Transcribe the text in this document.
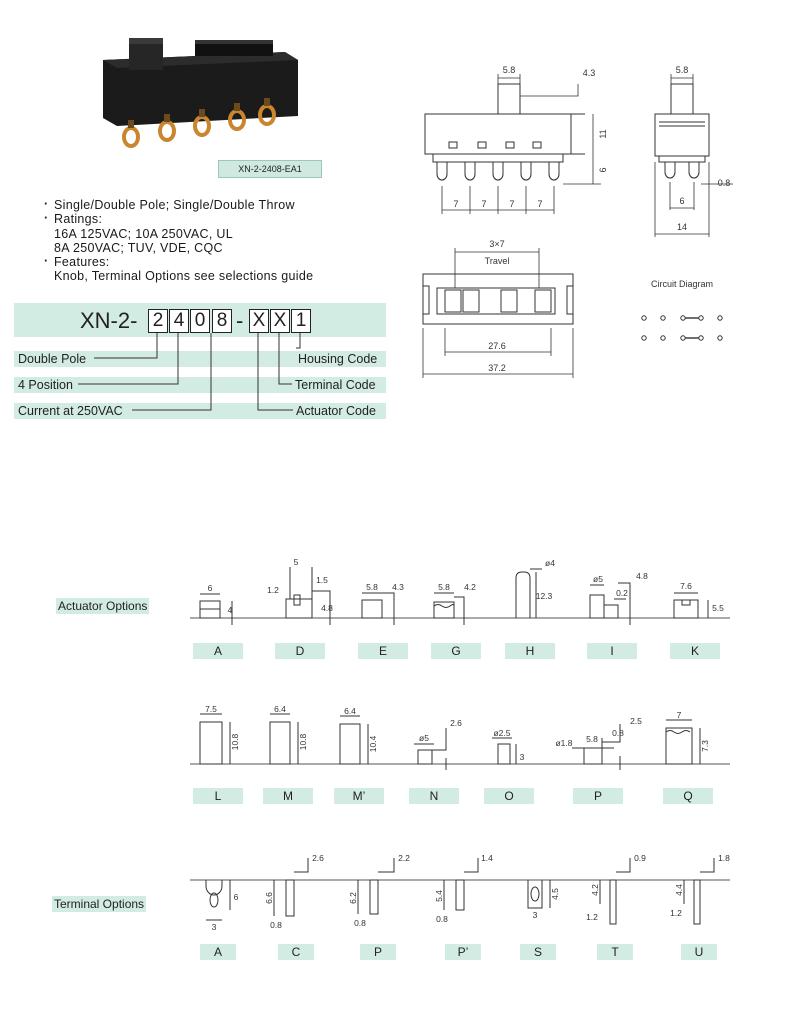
XN-2-2408-EA1
· Single/Double Pole; Single/Double Throw
· Ratings:
16A 125VAC; 10A 250VAC, UL
8A 250VAC; TUV, VDE, CQC
· Features:
Knob, Terminal Options see selections guide
XN-2- 2 4 0 8 - X X 1
Double Pole
4 Position
Current at 250VAC
Housing Code
Terminal Code
Actuator Code
5.8	4.3
11
6
7	7	7	7
5.8
0.8
6
14
3×7
Travel
27.6
37.2
Circuit Diagram
Actuator Options
6
4
5
1.2
1.5
4.8
5.8 4.3	5.8 4.2
ø4
12.3
ø5	4.8
0.2
7.6
5.5
A	D	E	G	H	I	K
7.5
10.8
6.4
10.8
6.4
10.4	ø5
2.6
ø2.5
3
ø1.8 5.8
0.8
2.5
7
7.3
L	M	M’	N	O	P	Q
Terminal Options	6
3
2.6
6.6
0.8
2.2
6.2
0.8
1.4
5.4
0.8
4.5
3
0.9
4.2
1.2
1.8
4.4
1.2
A	C	P	P’	S	T	U
